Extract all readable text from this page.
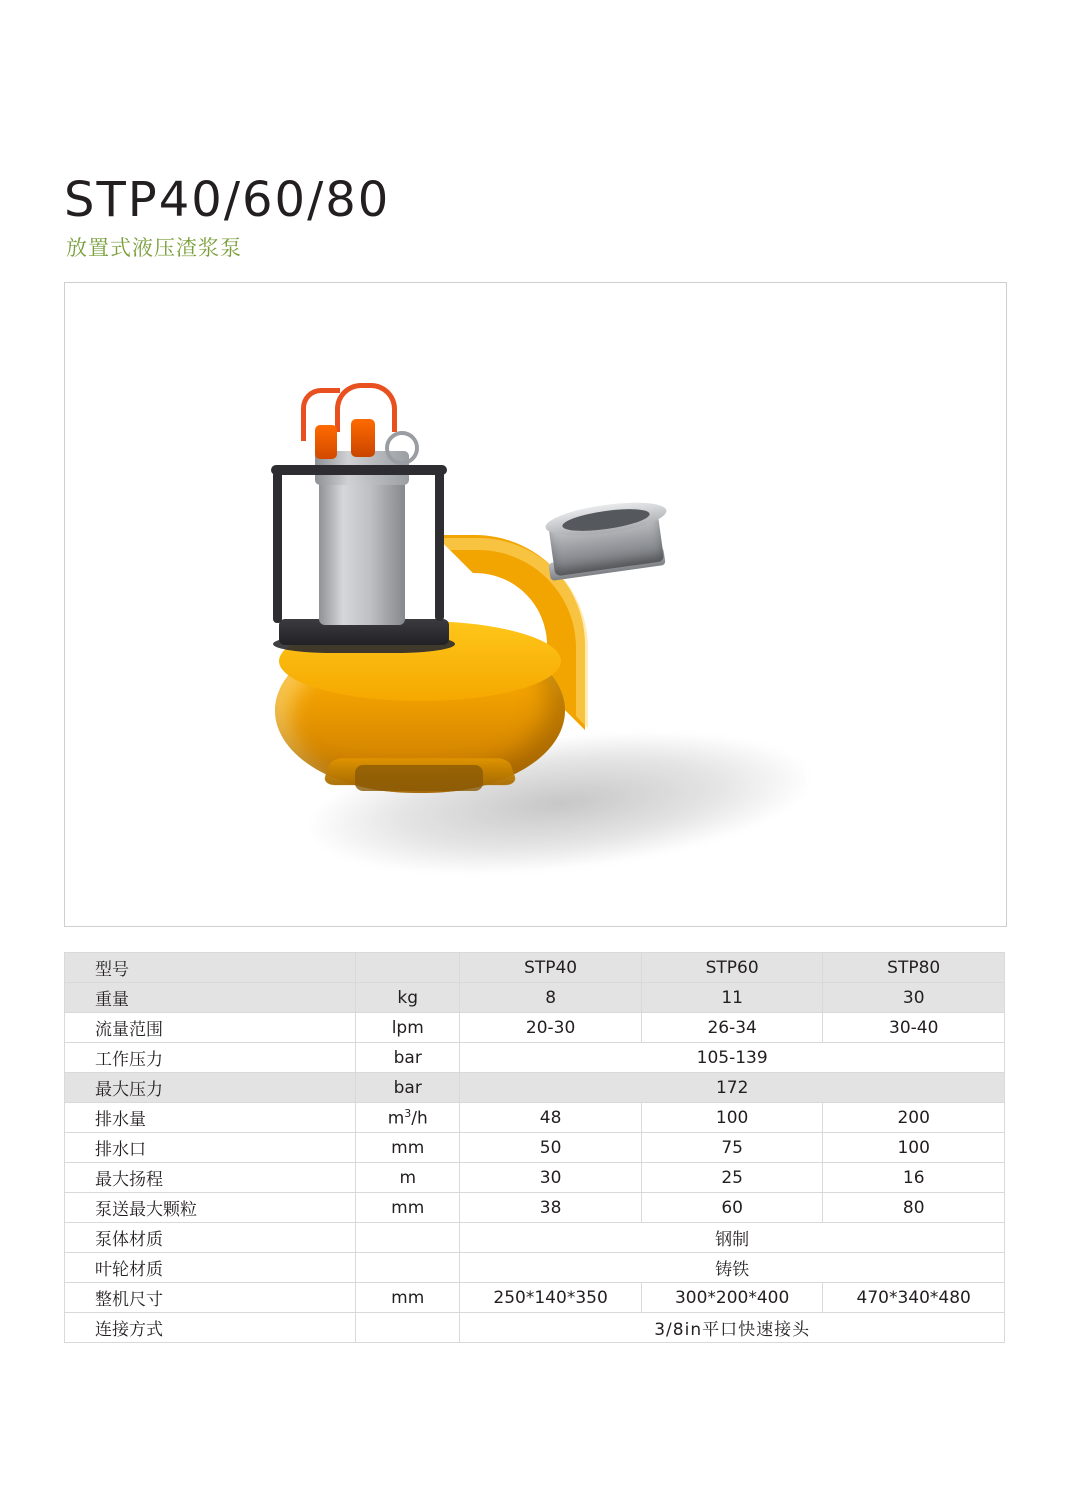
STP40/60/80
放置式液压渣浆泵
型号		STP40	STP60	STP80
重量	kg	8	11	30
流量范围	lpm	20-30	26-34	30-40
工作压力	bar	105-139		
最大压力	bar	172		
排水量	$m^3/h$	48	100	200
排水口	mm	50	75	100
最大扬程	m	30	25	16
泵送最大颗粒	mm	38	60	80
泵体材质		钢制		
叶轮材质		铸铁		
整机尺寸	mm	250*140*350	300*200*400	470*340*480
连接方式		3/8in平口快速接头		
